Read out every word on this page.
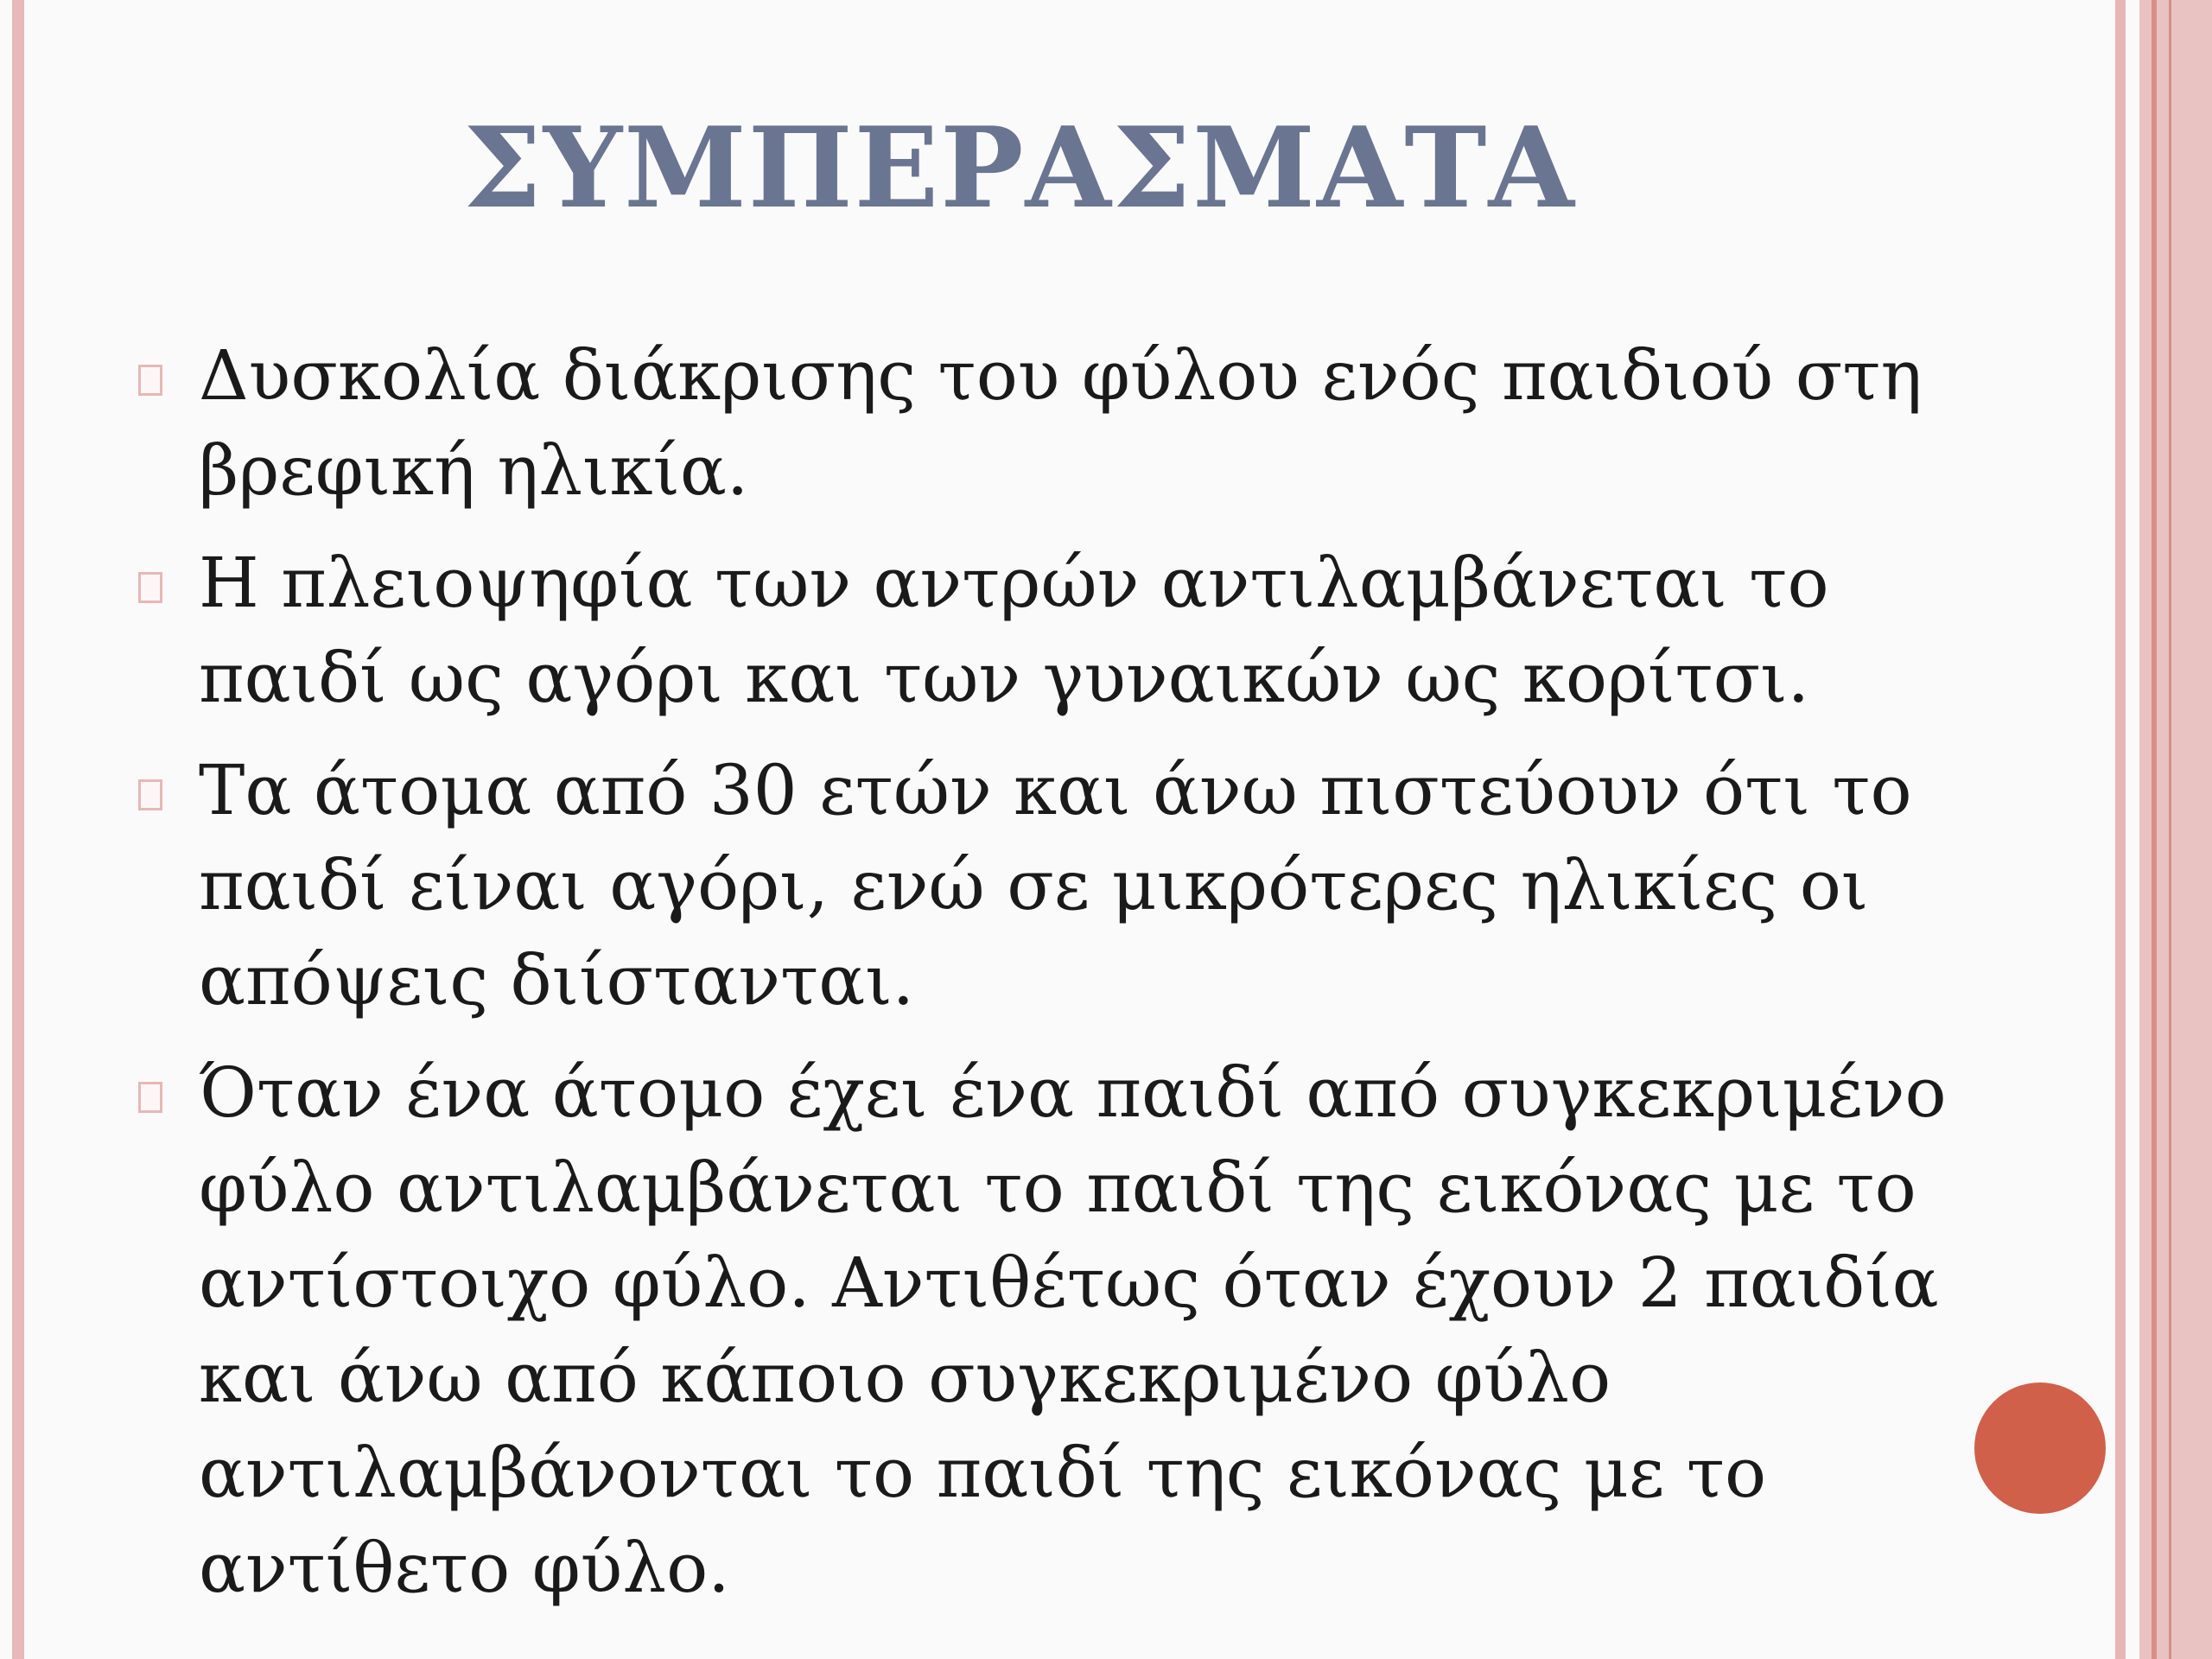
ΣΥΜΠΕΡΑΣΜΑΤΑ
Δυσκολία διάκρισης του φύλου ενός παιδιού στη βρεφική ηλικία.
Η πλειοψηφία των αντρών αντιλαμβάνεται το παιδί ως αγόρι και των γυναικών ως κορίτσι.
Τα άτομα από 30 ετών και άνω πιστεύουν ότι το παιδί είναι αγόρι, ενώ σε μικρότερες ηλικίες οι απόψεις διίστανται.
Όταν ένα άτομο έχει ένα παιδί από συγκεκριμένο φύλο αντιλαμβάνεται το παιδί της εικόνας με το αντίστοιχο φύλο. Αντιθέτως όταν έχουν 2 παιδία και άνω από κάποιο συγκεκριμένο φύλο αντιλαμβάνονται το παιδί της εικόνας με το αντίθετο φύλο.
